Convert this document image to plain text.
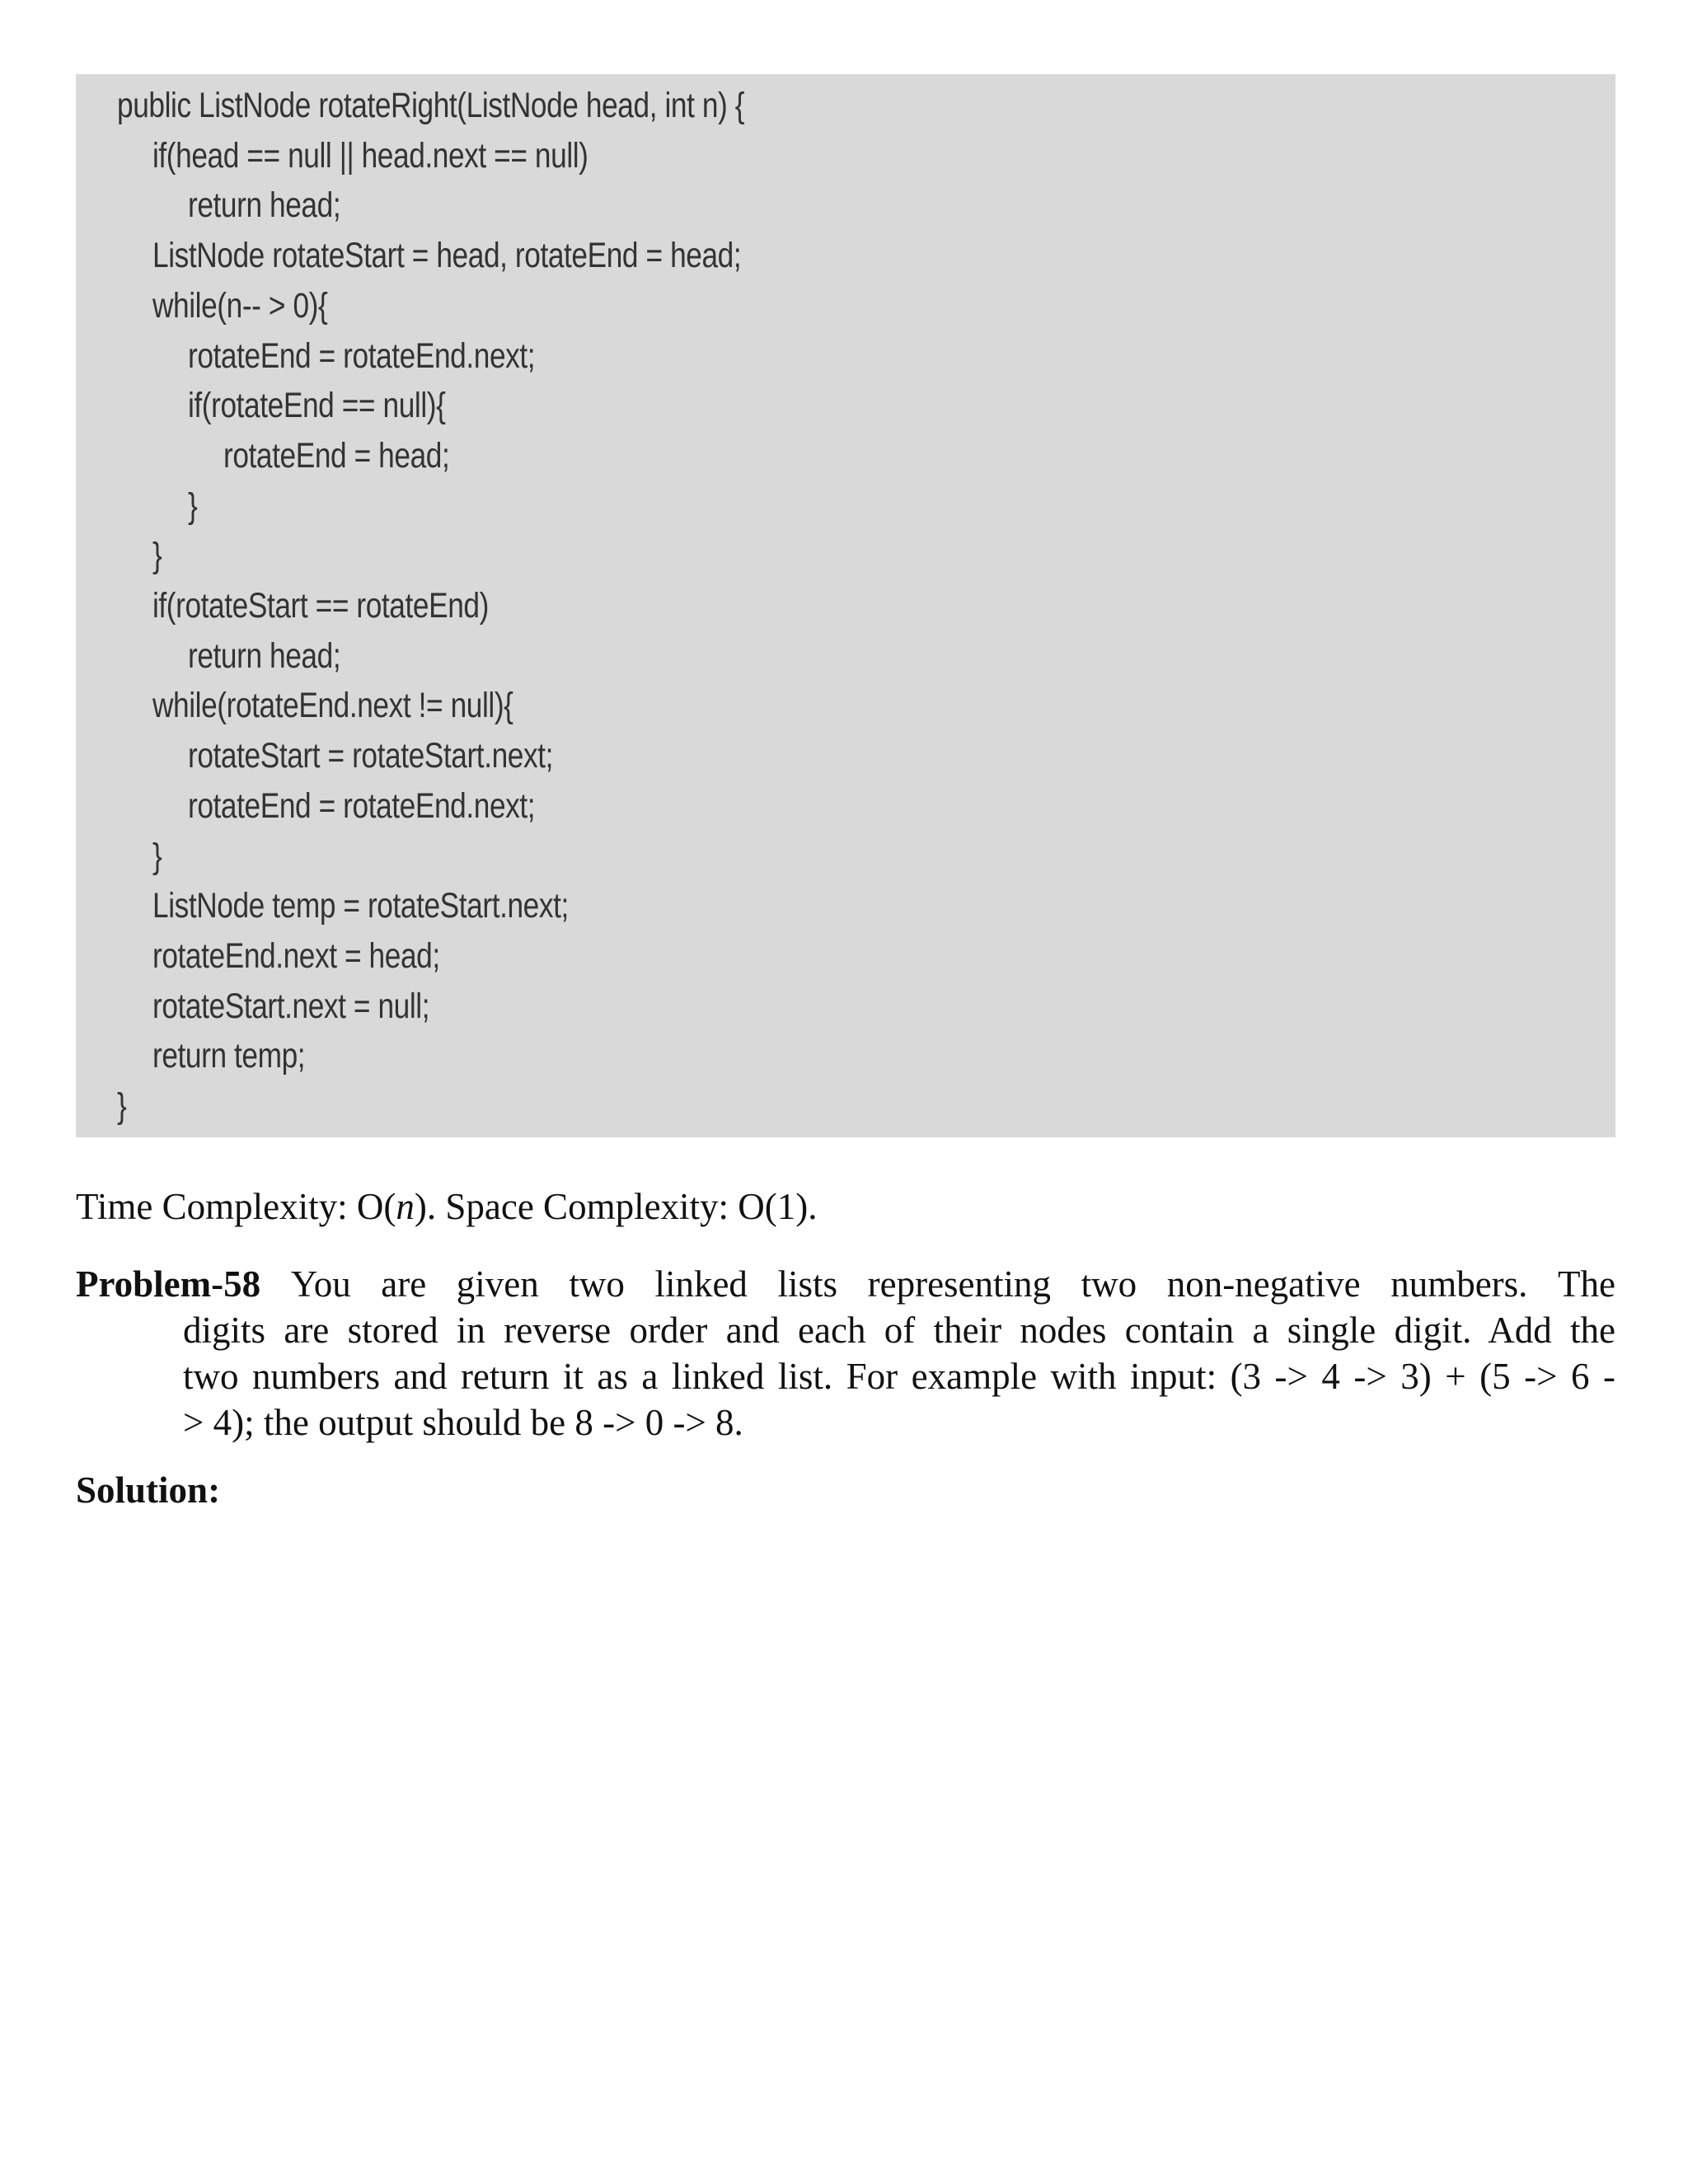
public ListNode rotateRight(ListNode head, int n) {
if(head == null || head.next == null)
return head;
ListNode rotateStart = head, rotateEnd = head;
while(n-- > 0){
rotateEnd = rotateEnd.next;
if(rotateEnd == null){
rotateEnd = head;
}
}
if(rotateStart == rotateEnd)
return head;
while(rotateEnd.next != null){
rotateStart = rotateStart.next;
rotateEnd = rotateEnd.next;
}
ListNode temp = rotateStart.next;
rotateEnd.next = head;
rotateStart.next = null;
return temp;
}
Time Complexity: O(n). Space Complexity: O(1).
Problem-58 You are given two linked lists representing two non-negative numbers. The
digits are stored in reverse order and each of their nodes contain a single digit. Add the
two numbers and return it as a linked list. For example with input: (3 -> 4 -> 3) + (5 -> 6 -
> 4); the output should be 8 -> 0 -> 8.
Solution:
